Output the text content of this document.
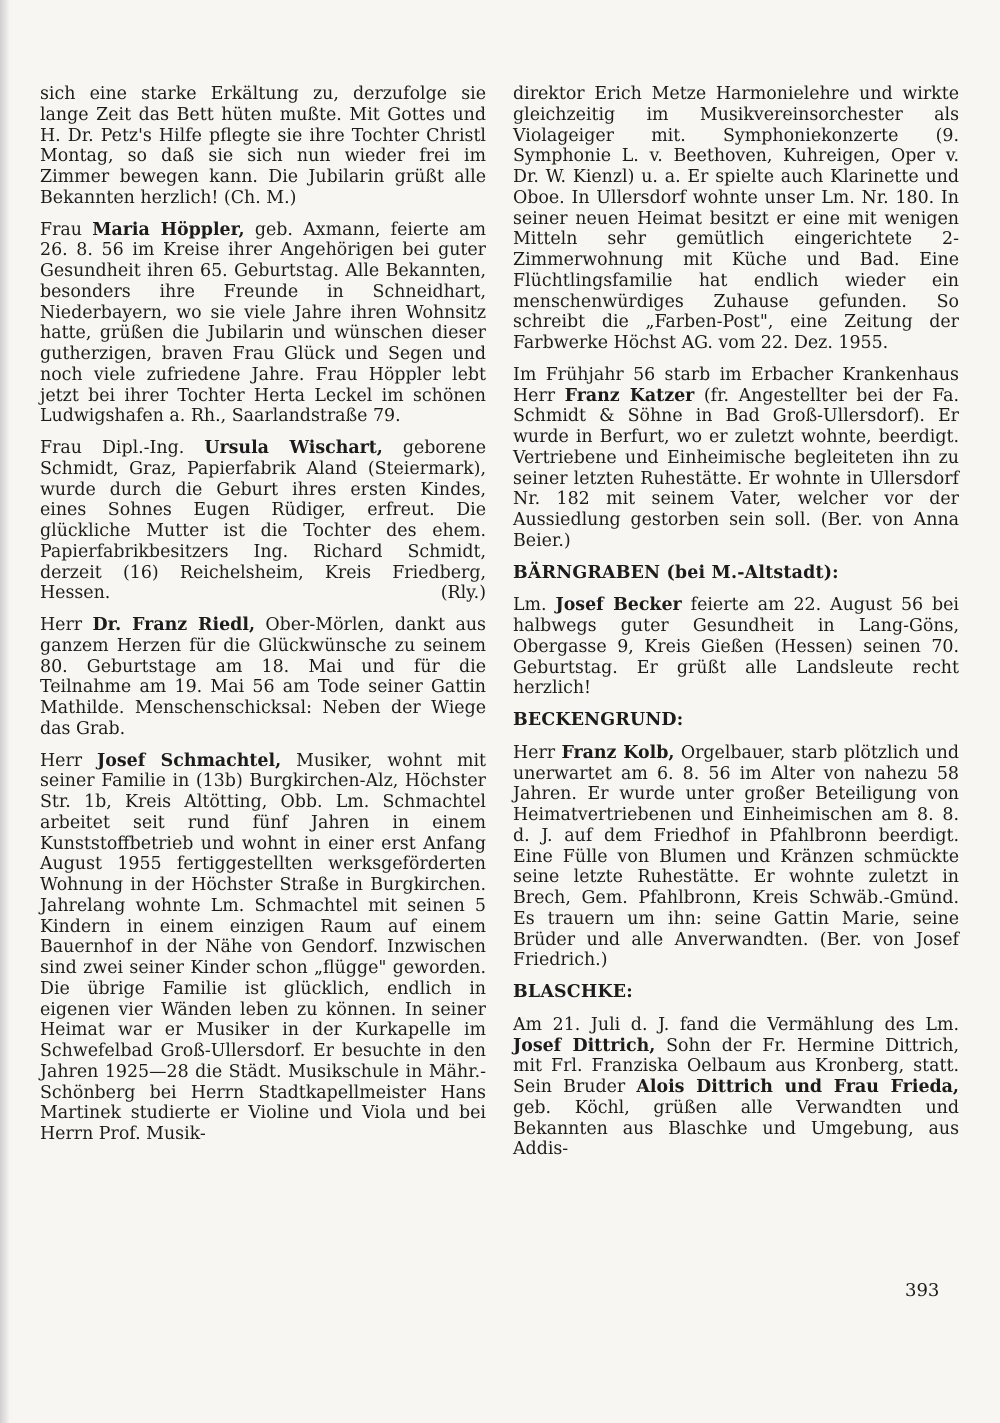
sich eine starke Erkältung zu, derzufolge sie lange Zeit das Bett hüten mußte. Mit Gottes und H. Dr. Petz's Hilfe pflegte sie ihre Tochter Christl Montag, so daß sie sich nun wieder frei im Zimmer bewegen kann. Die Jubilarin grüßt alle Bekannten herzlich! (Ch. M.)

Frau Maria Höppler, geb. Axmann, feierte am 26. 8. 56 im Kreise ihrer Angehörigen bei guter Gesundheit ihren 65. Geburtstag. Alle Bekannten, besonders ihre Freunde in Schneidhart, Niederbayern, wo sie viele Jahre ihren Wohnsitz hatte, grüßen die Jubilarin und wünschen dieser gutherzigen, braven Frau Glück und Segen und noch viele zufriedene Jahre. Frau Höppler lebt jetzt bei ihrer Tochter Herta Leckel im schönen Ludwigshafen a. Rh., Saarlandstraße 79.

Frau Dipl.-Ing. Ursula Wischart, geborene Schmidt, Graz, Papierfabrik Aland (Steiermark), wurde durch die Geburt ihres ersten Kindes, eines Sohnes Eugen Rüdiger, erfreut. Die glückliche Mutter ist die Tochter des ehem. Papierfabrikbesitzers Ing. Richard Schmidt, derzeit (16) Reichelsheim, Kreis Friedberg, Hessen.	(Rly.)

Herr Dr. Franz Riedl, Ober-Mörlen, dankt aus ganzem Herzen für die Glückwünsche zu seinem 80. Geburtstage am 18. Mai und für die Teilnahme am 19. Mai 56 am Tode seiner Gattin Mathilde. Menschenschicksal: Neben der Wiege das Grab.

Herr Josef Schmachtel, Musiker, wohnt mit seiner Familie in (13b) Burgkirchen-Alz, Höchster Str. 1b, Kreis Altötting, Obb. Lm. Schmachtel arbeitet seit rund fünf Jahren in einem Kunststoffbetrieb und wohnt in einer erst Anfang August 1955 fertiggestellten werksgeförderten Wohnung in der Höchster Straße in Burgkirchen. Jahrelang wohnte Lm. Schmachtel mit seinen 5 Kindern in einem einzigen Raum auf einem Bauernhof in der Nähe von Gendorf. Inzwischen sind zwei seiner Kinder schon „flügge" geworden. Die übrige Familie ist glücklich, endlich in eigenen vier Wänden leben zu können. In seiner Heimat war er Musiker in der Kurkapelle im Schwefelbad Groß-Ullersdorf. Er besuchte in den Jahren 1925—28 die Städt. Musikschule in Mähr.-Schönberg bei Herrn Stadtkapellmeister Hans Martinek studierte er Violine und Viola und bei Herrn Prof. Musik-

direktor Erich Metze Harmonielehre und wirkte gleichzeitig im Musikvereinsorchester als Violageiger mit. Symphoniekonzerte (9. Symphonie L. v. Beethoven, Kuhreigen, Oper v. Dr. W. Kienzl) u. a. Er spielte auch Klarinette und Oboe. In Ullersdorf wohnte unser Lm. Nr. 180. In seiner neuen Heimat besitzt er eine mit wenigen Mitteln sehr gemütlich eingerichtete 2-Zimmerwohnung mit Küche und Bad. Eine Flüchtlingsfamilie hat endlich wieder ein menschenwürdiges Zuhause gefunden. So schreibt die „Farben-Post", eine Zeitung der Farbwerke Höchst AG. vom 22. Dez. 1955.

Im Frühjahr 56 starb im Erbacher Krankenhaus Herr Franz Katzer (fr. Angestellter bei der Fa. Schmidt & Söhne in Bad Groß-Ullersdorf). Er wurde in Berfurt, wo er zuletzt wohnte, beerdigt. Vertriebene und Einheimische begleiteten ihn zu seiner letzten Ruhestätte. Er wohnte in Ullersdorf Nr. 182 mit seinem Vater, welcher vor der Aussiedlung gestorben sein soll. (Ber. von Anna Beier.)

BÄRNGRABEN (bei M.-Altstadt):

Lm. Josef Becker feierte am 22. August 56 bei halbwegs guter Gesundheit in Lang-Göns, Obergasse 9, Kreis Gießen (Hessen) seinen 70. Geburtstag. Er grüßt alle Landsleute recht herzlich!

BECKENGRUND:

Herr Franz Kolb, Orgelbauer, starb plötzlich und unerwartet am 6. 8. 56 im Alter von nahezu 58 Jahren. Er wurde unter großer Beteiligung von Heimatvertriebenen und Einheimischen am 8. 8. d. J. auf dem Friedhof in Pfahlbronn beerdigt. Eine Fülle von Blumen und Kränzen schmückte seine letzte Ruhestätte. Er wohnte zuletzt in Brech, Gem. Pfahlbronn, Kreis Schwäb.-Gmünd. Es trauern um ihn: seine Gattin Marie, seine Brüder und alle Anverwandten. (Ber. von Josef Friedrich.)

BLASCHKE:

Am 21. Juli d. J. fand die Vermählung des Lm. Josef Dittrich, Sohn der Fr. Hermine Dittrich, mit Frl. Franziska Oelbaum aus Kronberg, statt. Sein Bruder Alois Dittrich und Frau Frieda, geb. Köchl, grüßen alle Verwandten und Bekannten aus Blaschke und Umgebung, aus Addis-

393
